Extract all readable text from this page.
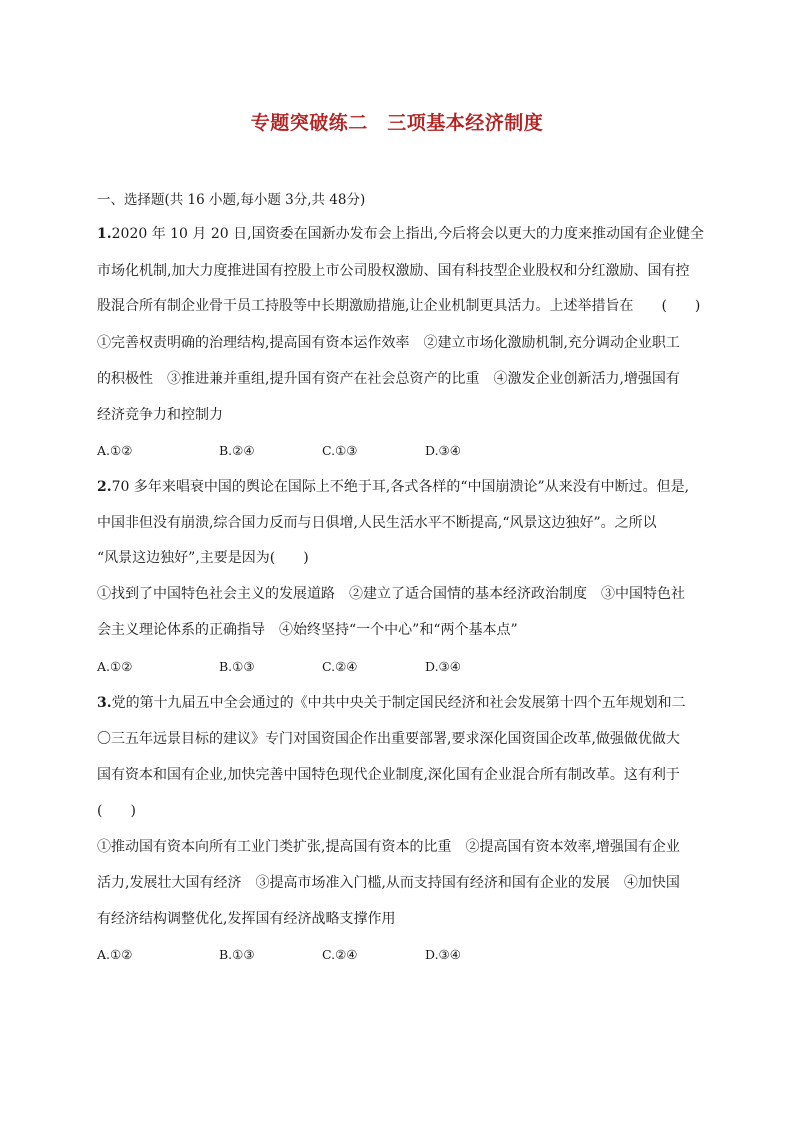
专题突破练二　三项基本经济制度
一、选择题(共 16 小题,每小题 3分,共 48分)
1.2020 年 10 月 20 日,国资委在国新办发布会上指出,今后将会以更大的力度来推动国有企业健全
市场化机制,加大力度推进国有控股上市公司股权激励、国有科技型企业股权和分红激励、国有控
股混合所有制企业骨干员工持股等中长期激励措施,让企业机制更具活力。上述举措旨在 (　　)
①完善权责明确的治理结构,提高国有资本运作效率　②建立市场化激励机制,充分调动企业职工
的积极性　③推进兼并重组,提升国有资产在社会总资产的比重　④激发企业创新活力,增强国有
经济竞争力和控制力
A.①②	B.②④	C.①③	D.③④
2.70 多年来唱衰中国的舆论在国际上不绝于耳,各式各样的“中国崩溃论”从来没有中断过。但是,
中国非但没有崩溃,综合国力反而与日俱增,人民生活水平不断提高,“风景这边独好”。之所以
“风景这边独好”,主要是因为(　　)
①找到了中国特色社会主义的发展道路　②建立了适合国情的基本经济政治制度　③中国特色社
会主义理论体系的正确指导　④始终坚持“一个中心”和“两个基本点”
A.①②	B.①③	C.②④	D.③④
3.党的第十九届五中全会通过的《中共中央关于制定国民经济和社会发展第十四个五年规划和二
〇三五年远景目标的建议》专门对国资国企作出重要部署,要求深化国资国企改革,做强做优做大
国有资本和国有企业,加快完善中国特色现代企业制度,深化国有企业混合所有制改革。这有利于
(　　)
①推动国有资本向所有工业门类扩张,提高国有资本的比重　②提高国有资本效率,增强国有企业
活力,发展壮大国有经济　③提高市场准入门槛,从而支持国有经济和国有企业的发展　④加快国
有经济结构调整优化,发挥国有经济战略支撑作用
A.①②	B.①③	C.②④	D.③④
